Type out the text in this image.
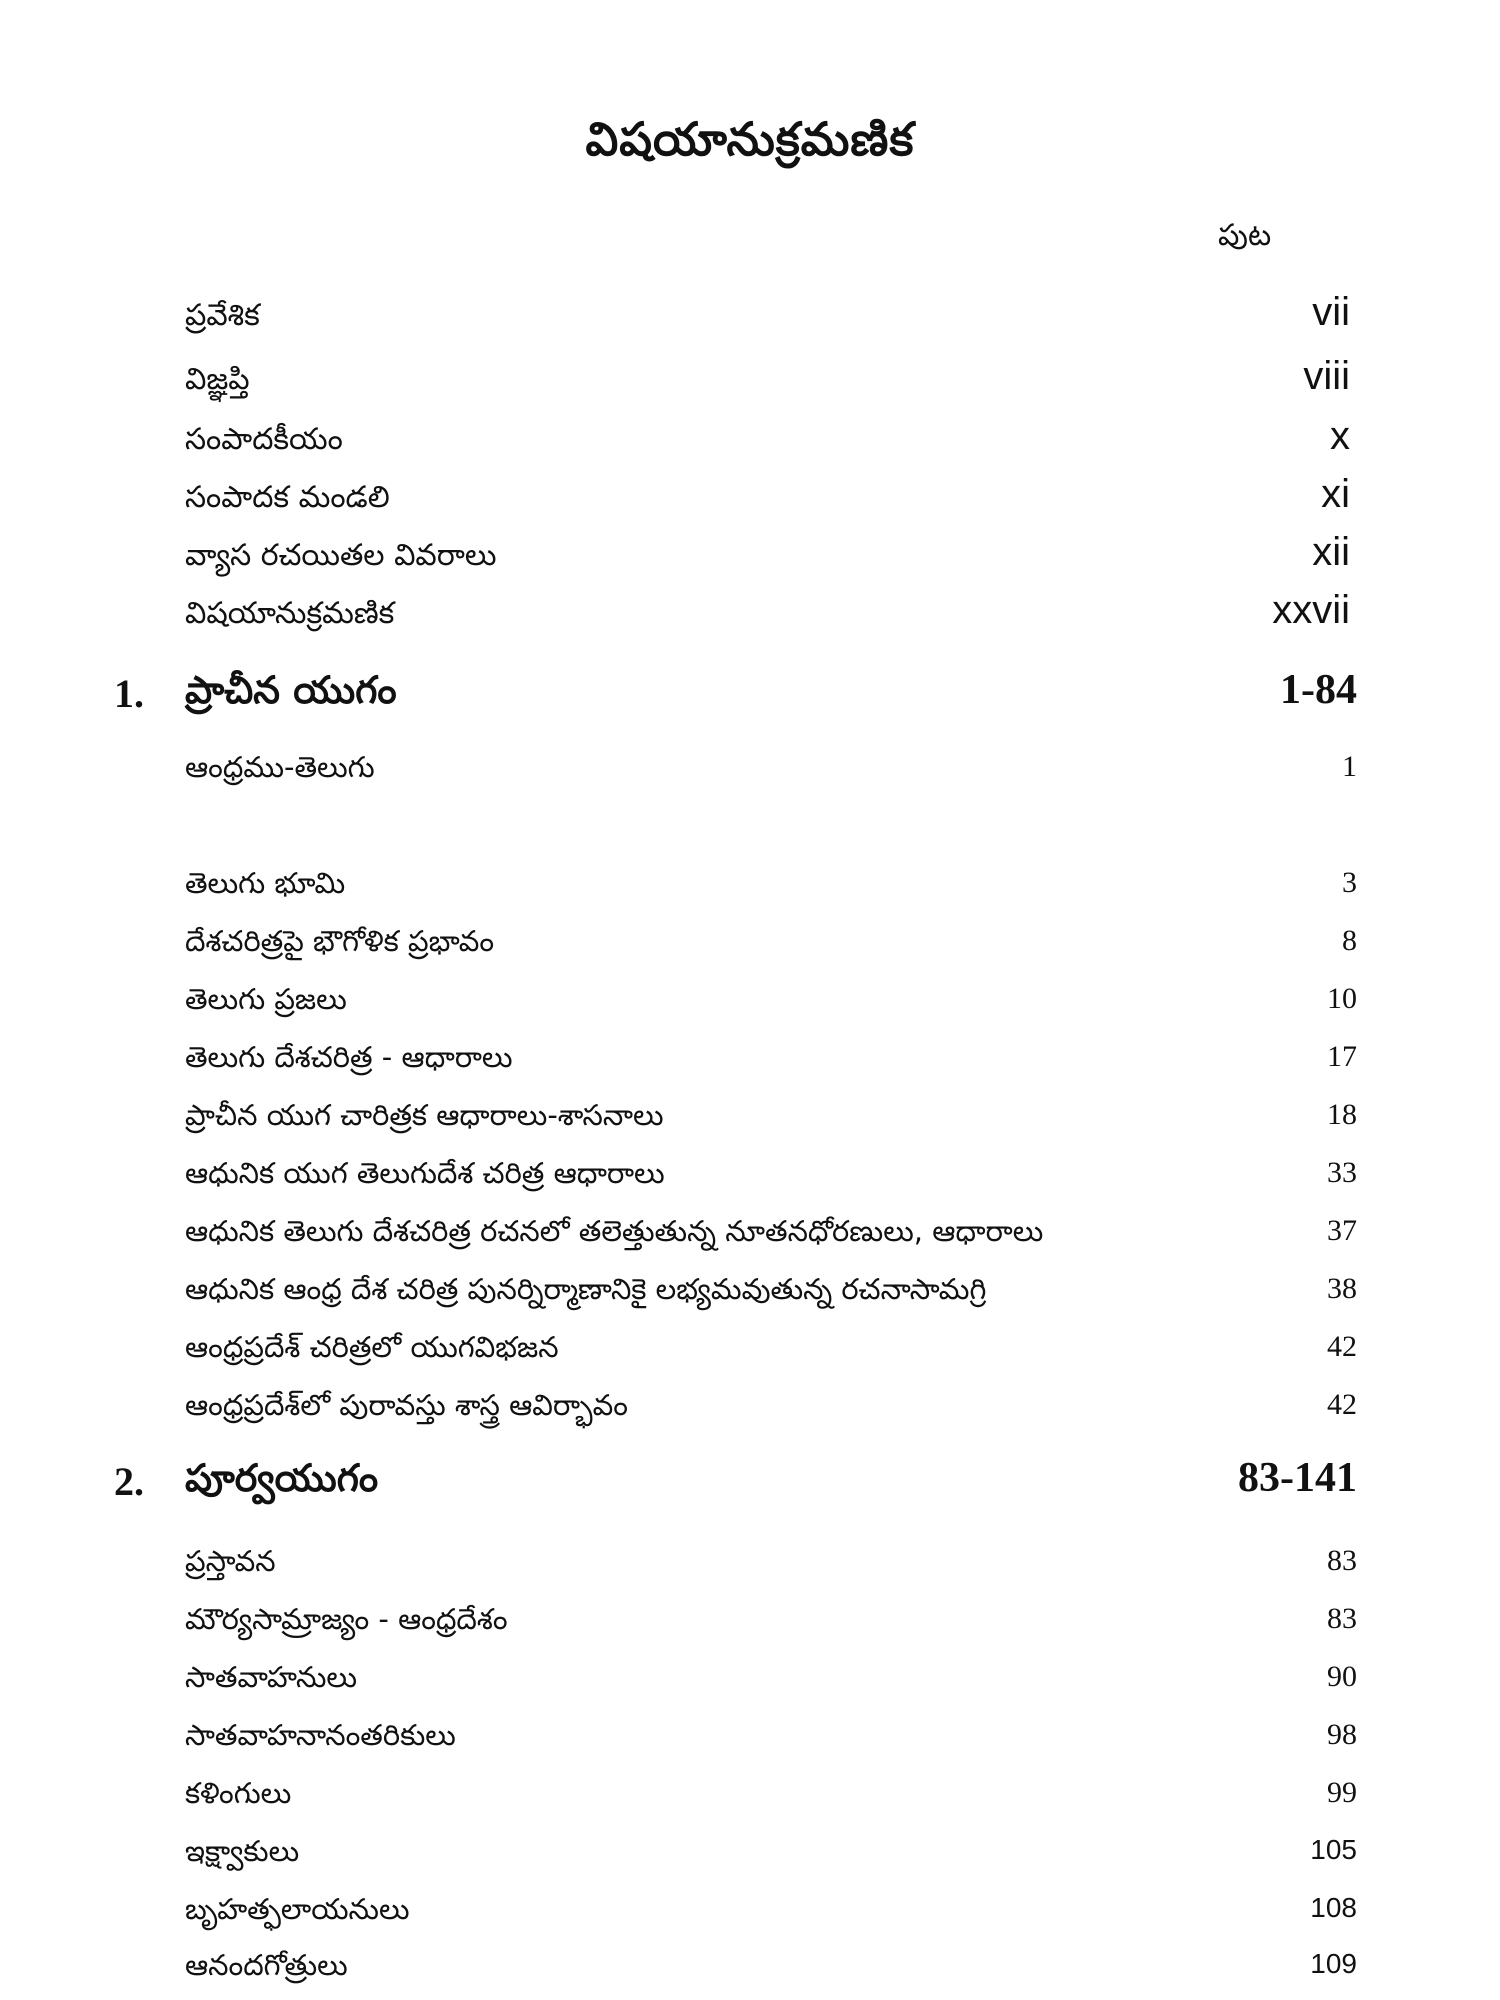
విషయానుక్రమణిక
పుట
ప్రవేశిక	vii
విజ్ఞప్తి	viii
సంపాదకీయం	x
సంపాదక మండలి	xi
వ్యాస రచయితల వివరాలు	xii
విషయానుక్రమణిక	xxvii
1. ప్రాచీన యుగం	1-84
ఆంధ్రము-తెలుగు	1
తెలుగు భూమి	3
దేశచరిత్రపై భౌగోళిక ప్రభావం	8
తెలుగు ప్రజలు	10
తెలుగు దేశచరిత్ర - ఆధారాలు	17
ప్రాచీన యుగ చారిత్రక ఆధారాలు-శాసనాలు	18
ఆధునిక యుగ తెలుగుదేశ చరిత్ర ఆధారాలు	33
ఆధునిక తెలుగు దేశచరిత్ర రచనలో తలెత్తుతున్న నూతనధోరణులు, ఆధారాలు	37
ఆధునిక ఆంధ్ర దేశ చరిత్ర పునర్నిర్మాణానికై లభ్యమవుతున్న రచనాసామగ్రి	38
ఆంధ్రప్రదేశ్ చరిత్రలో యుగవిభజన	42
ఆంధ్రప్రదేశ్‌లో పురావస్తు శాస్త్ర ఆవిర్భావం	42
2. పూర్వయుగం	83-141
ప్రస్తావన	83
మౌర్యసామ్రాజ్యం - ఆంధ్రదేశం	83
సాతవాహనులు	90
సాతవాహనానంతరికులు	98
కళింగులు	99
ఇక్ష్వాకులు	105
బృహత్ఫలాయనులు	108
ఆనందగోత్రులు	109
